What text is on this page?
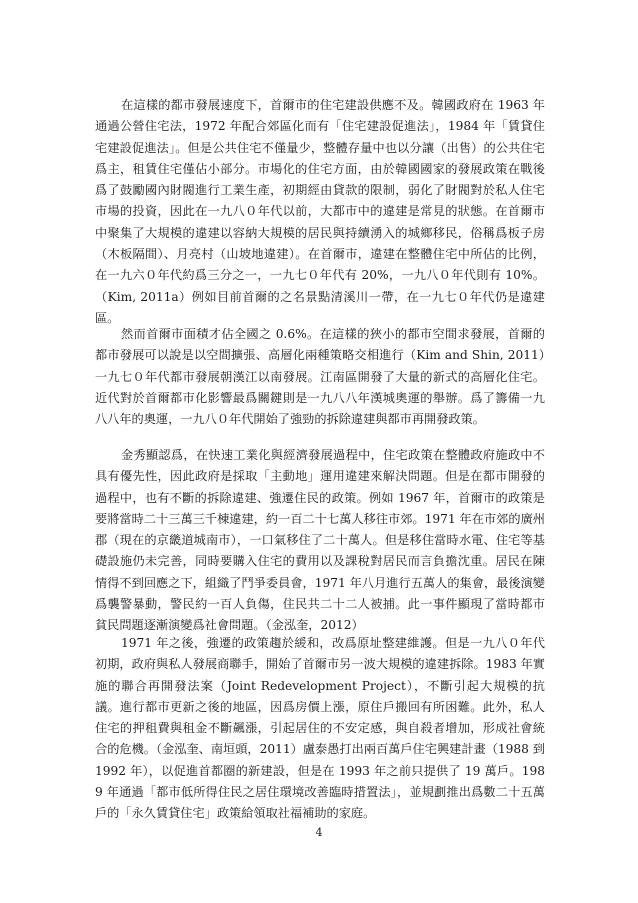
在這樣的都市發展速度下，首爾市的住宅建設供應不及。韓國政府在 1963 年通過公營住宅法，1972 年配合郊區化而有「住宅建設促進法」，1984 年「賃貸住宅建設促進法」。但是公共住宅不僅量少，整體存量中也以分讓（出售）的公共住宅爲主，租賃住宅僅佔小部分。市場化的住宅方面，由於韓國國家的發展政策在戰後爲了鼓勵國內財閥進行工業生產，初期經由貸款的限制，弱化了財閥對於私人住宅市場的投資，因此在一九八０年代以前，大都市中的違建是常見的狀態。在首爾市中聚集了大規模的違建以容納大規模的居民與持續湧入的城鄉移民，俗稱爲板子房（木板隔間）、月亮村（山坡地違建）。在首爾市，違建在整體住宅中所佔的比例，在一九六０年代約爲三分之一，一九七０年代有 20%，一九八０年代則有 10%。（Kim, 2011a）例如目前首爾的之名景點清溪川一帶，在一九七０年代仍是違建區。

然而首爾市面積才佔全國之 0.6%。在這樣的狹小的都市空間求發展，首爾的都市發展可以說是以空間擴張、高層化兩種策略交相進行（Kim and Shin, 2011）一九七０年代都市發展朝漢江以南發展。江南區開發了大量的新式的高層化住宅。近代對於首爾都市化影響最爲關鍵則是一九八八年漢城奧運的舉辦。爲了籌備一九八八年的奧運，一九八０年代開始了強勁的拆除違建與都市再開發政策。

金秀顯認爲，在快速工業化與經濟發展過程中，住宅政策在整體政府施政中不具有優先性，因此政府是採取「主動地」運用違建來解決問題。但是在都市開發的過程中，也有不斷的拆除違建、強遷住民的政策。例如 1967 年，首爾市的政策是要將當時二十三萬三千棟違建，約一百二十七萬人移往市郊。1971 年在市郊的廣州郡（現在的京畿道城南市），一口氣移住了二十萬人。但是移住當時水電、住宅等基礎設施仍未完善，同時要購入住宅的費用以及課稅對居民而言負擔沈重。居民在陳情得不到回應之下，組織了鬥爭委員會，1971 年八月進行五萬人的集會，最後演變爲襲警暴動，警民約一百人負傷，住民共二十二人被捕。此一事件顯現了當時都市貧民問題逐漸演變爲社會問題。（金泓奎，2012）

1971 年之後，強遷的政策趨於緩和，改爲原址整建維護。但是一九八０年代初期，政府與私人發展商聯手，開始了首爾市另一波大規模的違建拆除。1983 年實施的聯合再開發法案（Joint Redevelopment Project），不斷引起大規模的抗議。進行都市更新之後的地區，因爲房價上漲，原住戶搬回有所困難。此外，私人住宅的押租費與租金不斷飆漲，引起居住的不安定感，與自殺者增加，形成社會統合的危機。（金泓奎、南垣頭，2011）盧泰愚打出兩百萬戶住宅興建計畫（1988 到 1992 年），以促進首都圈的新建設，但是在 1993 年之前只提供了 19 萬戶。1989 年通過「都市低所得住民之居住環境改善臨時措置法」，並規劃推出爲數二十五萬戶的「永久賃貸住宅」政策給領取社福補助的家庭。

4
